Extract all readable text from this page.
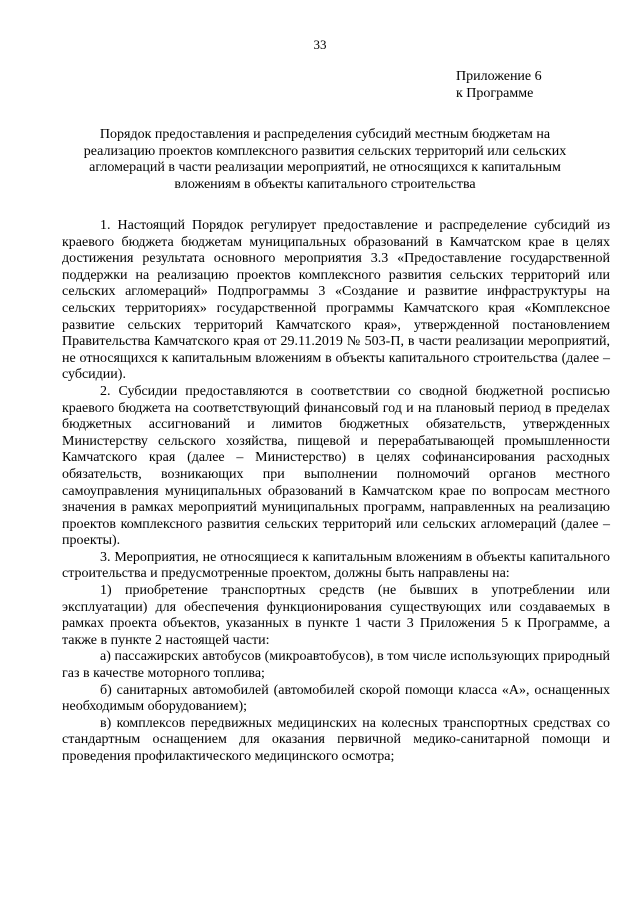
33
Приложение 6
к Программе
Порядок предоставления и распределения субсидий местным бюджетам на реализацию проектов комплексного развития сельских территорий или сельских агломераций в части реализации мероприятий, не относящихся к капитальным вложениям в объекты капитального строительства

1. Настоящий Порядок регулирует предоставление и распределение субсидий из краевого бюджета бюджетам муниципальных образований в Камчатском крае в целях достижения результата основного мероприятия 3.3 «Предоставление государственной поддержки на реализацию проектов комплексного развития сельских территорий или сельских агломераций» Подпрограммы 3 «Создание и развитие инфраструктуры на сельских территориях» государственной программы Камчатского края «Комплексное развитие сельских территорий Камчатского края», утвержденной постановлением Правительства Камчатского края от 29.11.2019 № 503-П, в части реализации мероприятий, не относящихся к капитальным вложениям в объекты капитального строительства (далее – субсидии).

2. Субсидии предоставляются в соответствии со сводной бюджетной росписью краевого бюджета на соответствующий финансовый год и на плановый период в пределах бюджетных ассигнований и лимитов бюджетных обязательств, утвержденных Министерству сельского хозяйства, пищевой и перерабатывающей промышленности Камчатского края (далее – Министерство) в целях софинансирования расходных обязательств, возникающих при выполнении полномочий органов местного самоуправления муниципальных образований в Камчатском крае по вопросам местного значения в рамках мероприятий муниципальных программ, направленных на реализацию проектов комплексного развития сельских территорий или сельских агломераций (далее – проекты).

3. Мероприятия, не относящиеся к капитальным вложениям в объекты капитального строительства и предусмотренные проектом, должны быть направлены на:

1) приобретение транспортных средств (не бывших в употреблении или эксплуатации) для обеспечения функционирования существующих или создаваемых в рамках проекта объектов, указанных в пункте 1 части 3 Приложения 5 к Программе, а также в пункте 2 настоящей части:

а) пассажирских автобусов (микроавтобусов), в том числе использующих природный газ в качестве моторного топлива;

б) санитарных автомобилей (автомобилей скорой помощи класса «А», оснащенных необходимым оборудованием);

в) комплексов передвижных медицинских на колесных транспортных средствах со стандартным оснащением для оказания первичной медико-санитарной помощи и проведения профилактического медицинского осмотра;
